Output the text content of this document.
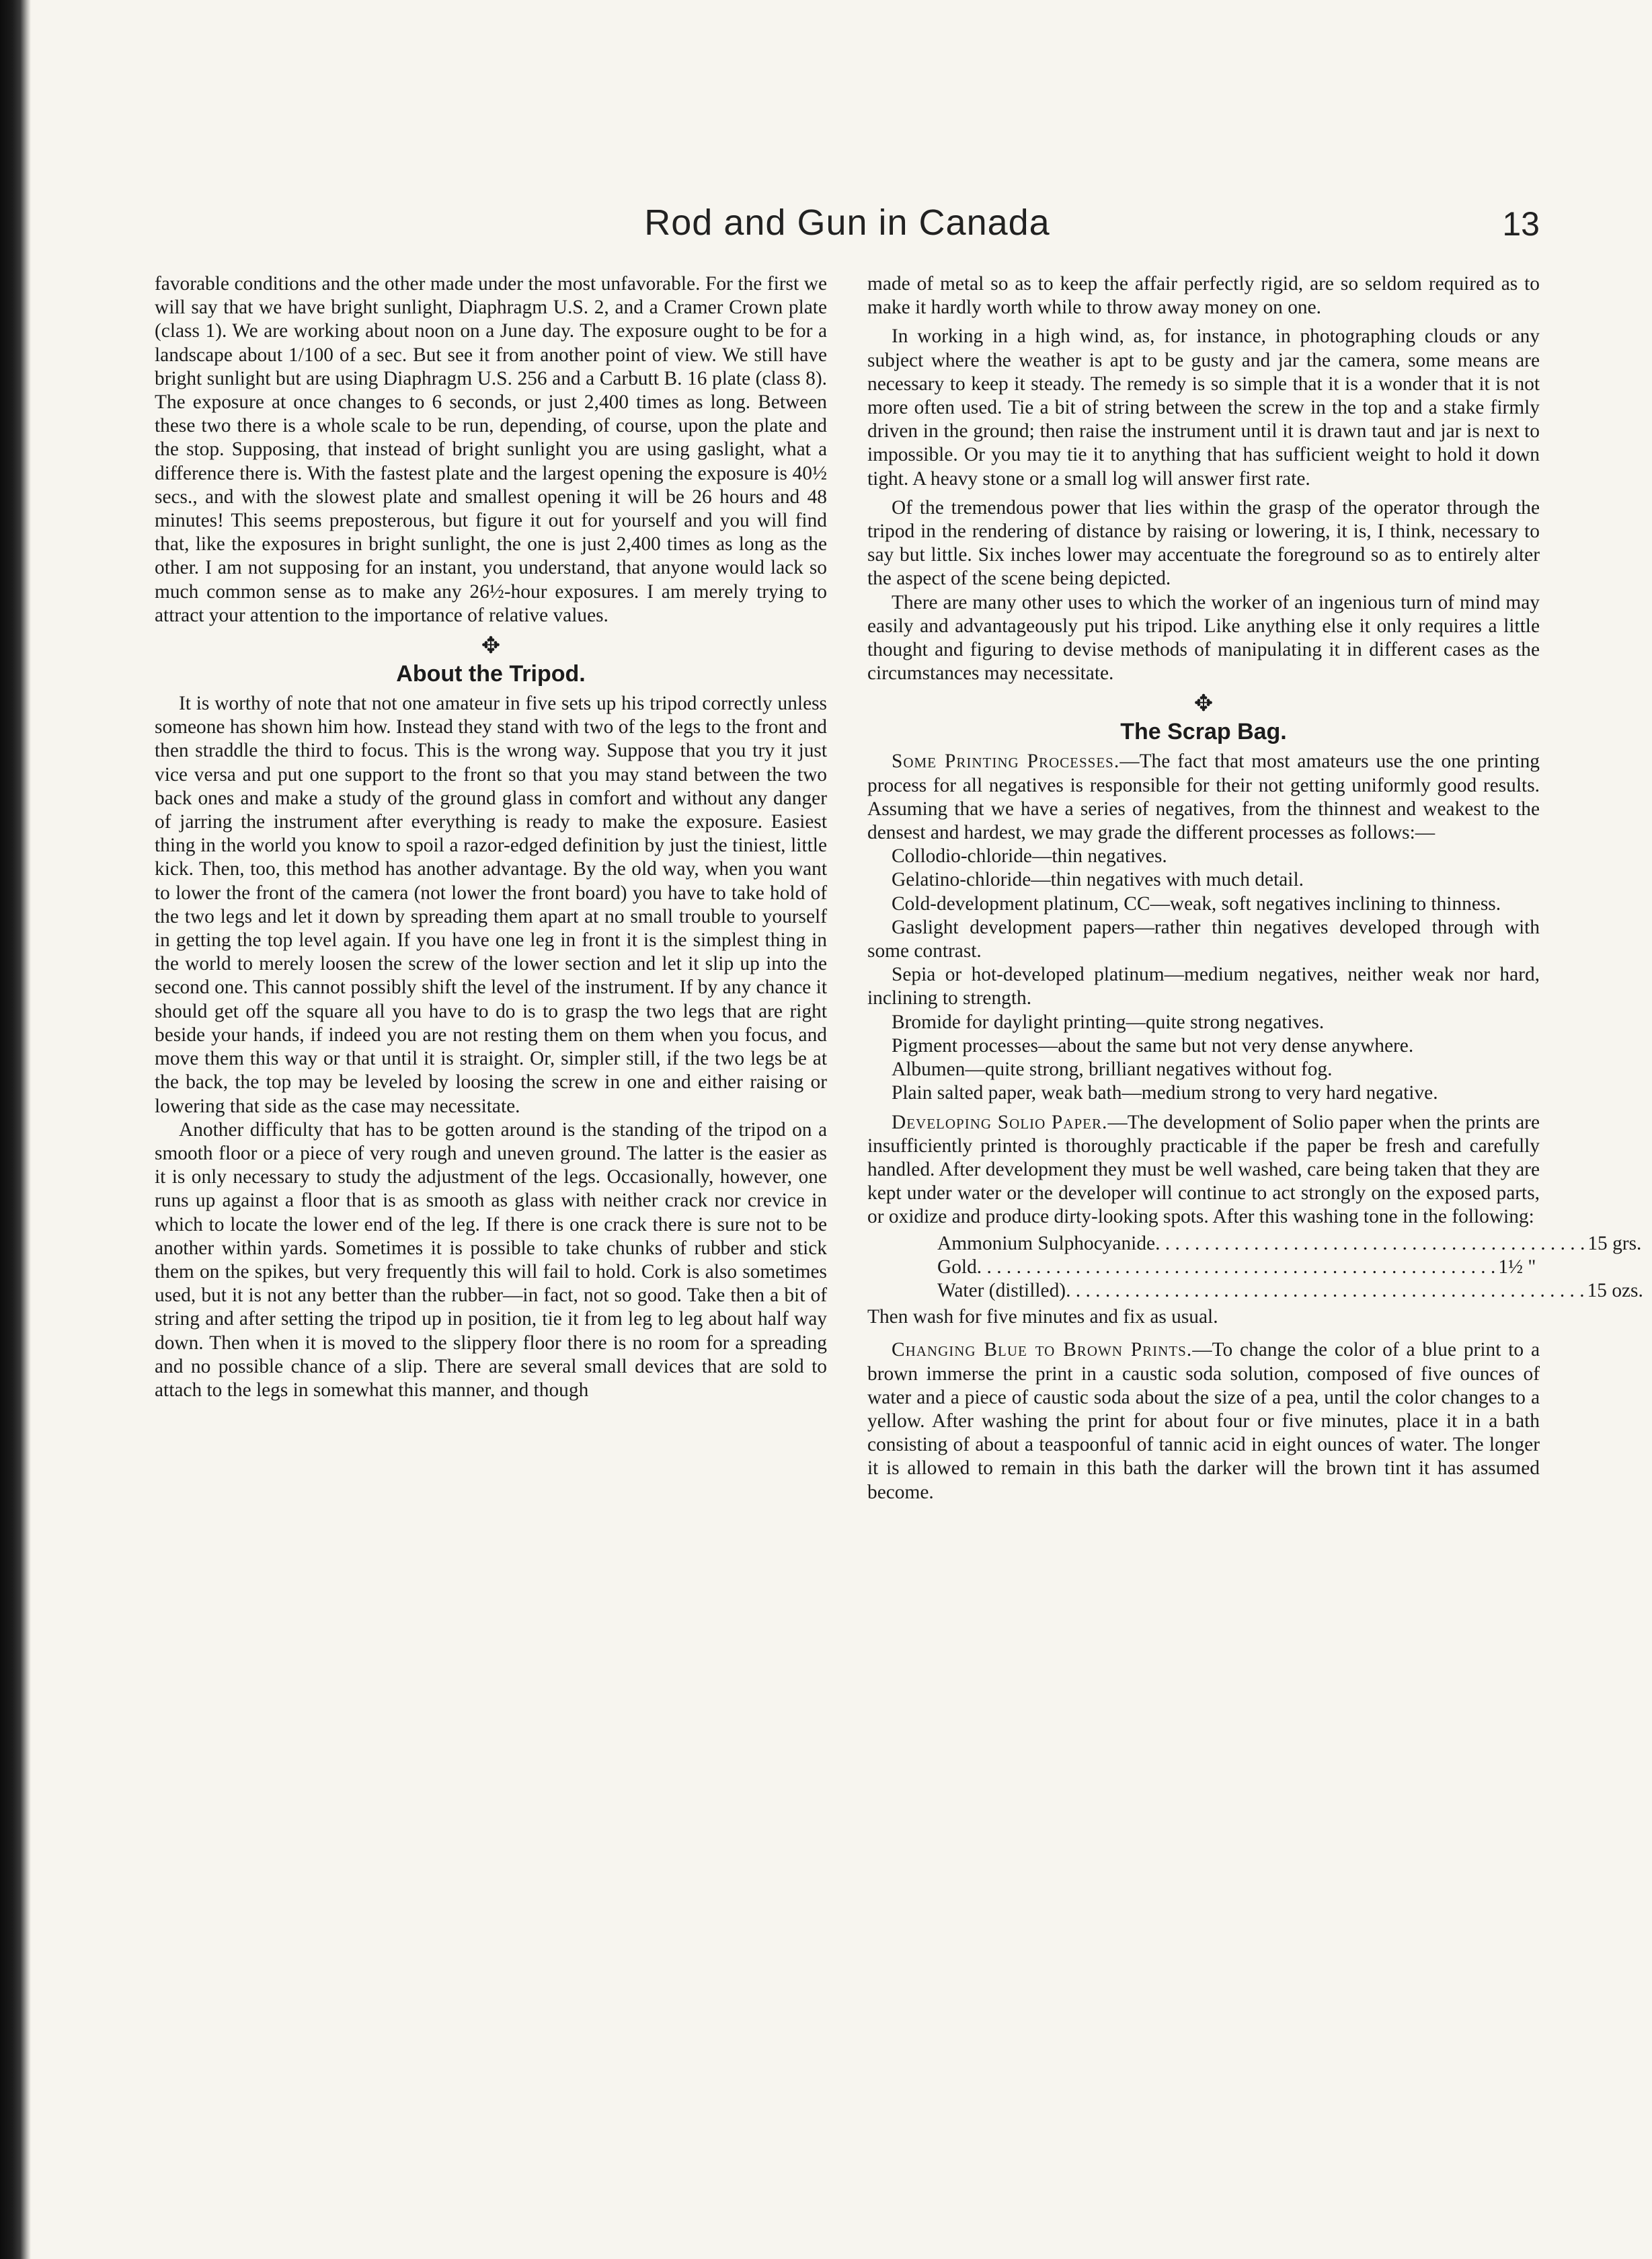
Rod and Gun in Canada	13

favorable conditions and the other made under the most unfavorable. For the first we will say that we have bright sunlight, Diaphragm U.S. 2, and a Cramer Crown plate (class 1). We are working about noon on a June day. The exposure ought to be for a landscape about 1/100 of a sec. But see it from another point of view. We still have bright sunlight but are using Diaphragm U.S. 256 and a Carbutt B. 16 plate (class 8). The exposure at once changes to 6 seconds, or just 2,400 times as long. Between these two there is a whole scale to be run, depending, of course, upon the plate and the stop. Supposing, that instead of bright sunlight you are using gaslight, what a difference there is. With the fastest plate and the largest opening the exposure is 40½ secs., and with the slowest plate and smallest opening it will be 26 hours and 48 minutes! This seems preposterous, but figure it out for yourself and you will find that, like the exposures in bright sunlight, the one is just 2,400 times as long as the other. I am not supposing for an instant, you understand, that anyone would lack so much common sense as to make any 26½-hour exposures. I am merely trying to attract your attention to the importance of relative values.

✥
About the Tripod.

It is worthy of note that not one amateur in five sets up his tripod correctly unless someone has shown him how. Instead they stand with two of the legs to the front and then straddle the third to focus. This is the wrong way. Suppose that you try it just vice versa and put one support to the front so that you may stand between the two back ones and make a study of the ground glass in comfort and without any danger of jarring the instrument after everything is ready to make the exposure. Easiest thing in the world you know to spoil a razor-edged definition by just the tiniest, little kick. Then, too, this method has another advantage. By the old way, when you want to lower the front of the camera (not lower the front board) you have to take hold of the two legs and let it down by spreading them apart at no small trouble to yourself in getting the top level again. If you have one leg in front it is the simplest thing in the world to merely loosen the screw of the lower section and let it slip up into the second one. This cannot possibly shift the level of the instrument. If by any chance it should get off the square all you have to do is to grasp the two legs that are right beside your hands, if indeed you are not resting them on them when you focus, and move them this way or that until it is straight. Or, simpler still, if the two legs be at the back, the top may be leveled by loosing the screw in one and either raising or lowering that side as the case may necessitate.

Another difficulty that has to be gotten around is the standing of the tripod on a smooth floor or a piece of very rough and uneven ground. The latter is the easier as it is only necessary to study the adjustment of the legs. Occasionally, however, one runs up against a floor that is as smooth as glass with neither crack nor crevice in which to locate the lower end of the leg. If there is one crack there is sure not to be another within yards. Sometimes it is possible to take chunks of rubber and stick them on the spikes, but very frequently this will fail to hold. Cork is also sometimes used, but it is not any better than the rubber—in fact, not so good. Take then a bit of string and after setting the tripod up in position, tie it from leg to leg about half way down. Then when it is moved to the slippery floor there is no room for a spreading and no possible chance of a slip. There are several small devices that are sold to attach to the legs in somewhat this manner, and though

made of metal so as to keep the affair perfectly rigid, are so seldom required as to make it hardly worth while to throw away money on one.

In working in a high wind, as, for instance, in photographing clouds or any subject where the weather is apt to be gusty and jar the camera, some means are necessary to keep it steady. The remedy is so simple that it is a wonder that it is not more often used. Tie a bit of string between the screw in the top and a stake firmly driven in the ground; then raise the instrument until it is drawn taut and jar is next to impossible. Or you may tie it to anything that has sufficient weight to hold it down tight. A heavy stone or a small log will answer first rate.

Of the tremendous power that lies within the grasp of the operator through the tripod in the rendering of distance by raising or lowering, it is, I think, necessary to say but little. Six inches lower may accentuate the foreground so as to entirely alter the aspect of the scene being depicted.

There are many other uses to which the worker of an ingenious turn of mind may easily and advantageously put his tripod. Like anything else it only requires a little thought and figuring to devise methods of manipulating it in different cases as the circumstances may necessitate.

✥
The Scrap Bag.

Some Printing Processes.—The fact that most amateurs use the one printing process for all negatives is responsible for their not getting uniformly good results. Assuming that we have a series of negatives, from the thinnest and weakest to the densest and hardest, we may grade the different processes as follows:—

Collodio-chloride—thin negatives.

Gelatino-chloride—thin negatives with much detail.

Cold-development platinum, CC—weak, soft negatives inclining to thinness.

Gaslight development papers—rather thin negatives developed through with some contrast.

Sepia or hot-developed platinum—medium negatives, neither weak nor hard, inclining to strength.

Bromide for daylight printing—quite strong negatives.

Pigment processes—about the same but not very dense anywhere.

Albumen—quite strong, brilliant negatives without fog.

Plain salted paper, weak bath—medium strong to very hard negative.

Developing Solio Paper.—The development of Solio paper when the prints are insufficiently printed is thoroughly practicable if the paper be fresh and carefully handled. After development they must be well washed, care being taken that they are kept under water or the developer will continue to act strongly on the exposed parts, or oxidize and produce dirty-looking spots. After this washing tone in the following:

Ammonium Sulphocyanide . . . . . . . . . . . . . . . . . . . . . . . . . . . . . . . . . . . . . . . . . . . . 15 grs.
Gold . . . . . . . . . . . . . . . . . . . . . . . . . . . . . . . . . . . . . . . . . . . . . . . . . . . . . 1½ "
Water (distilled) . . . . . . . . . . . . . . . . . . . . . . . . . . . . . . . . . . . . . . . . . . . . . . . . . . . . . 15 ozs.

Then wash for five minutes and fix as usual.

Changing Blue to Brown Prints.—To change the color of a blue print to a brown immerse the print in a caustic soda solution, composed of five ounces of water and a piece of caustic soda about the size of a pea, until the color changes to a yellow. After washing the print for about four or five minutes, place it in a bath consisting of about a teaspoonful of tannic acid in eight ounces of water. The longer it is allowed to remain in this bath the darker will the brown tint it has assumed become.
